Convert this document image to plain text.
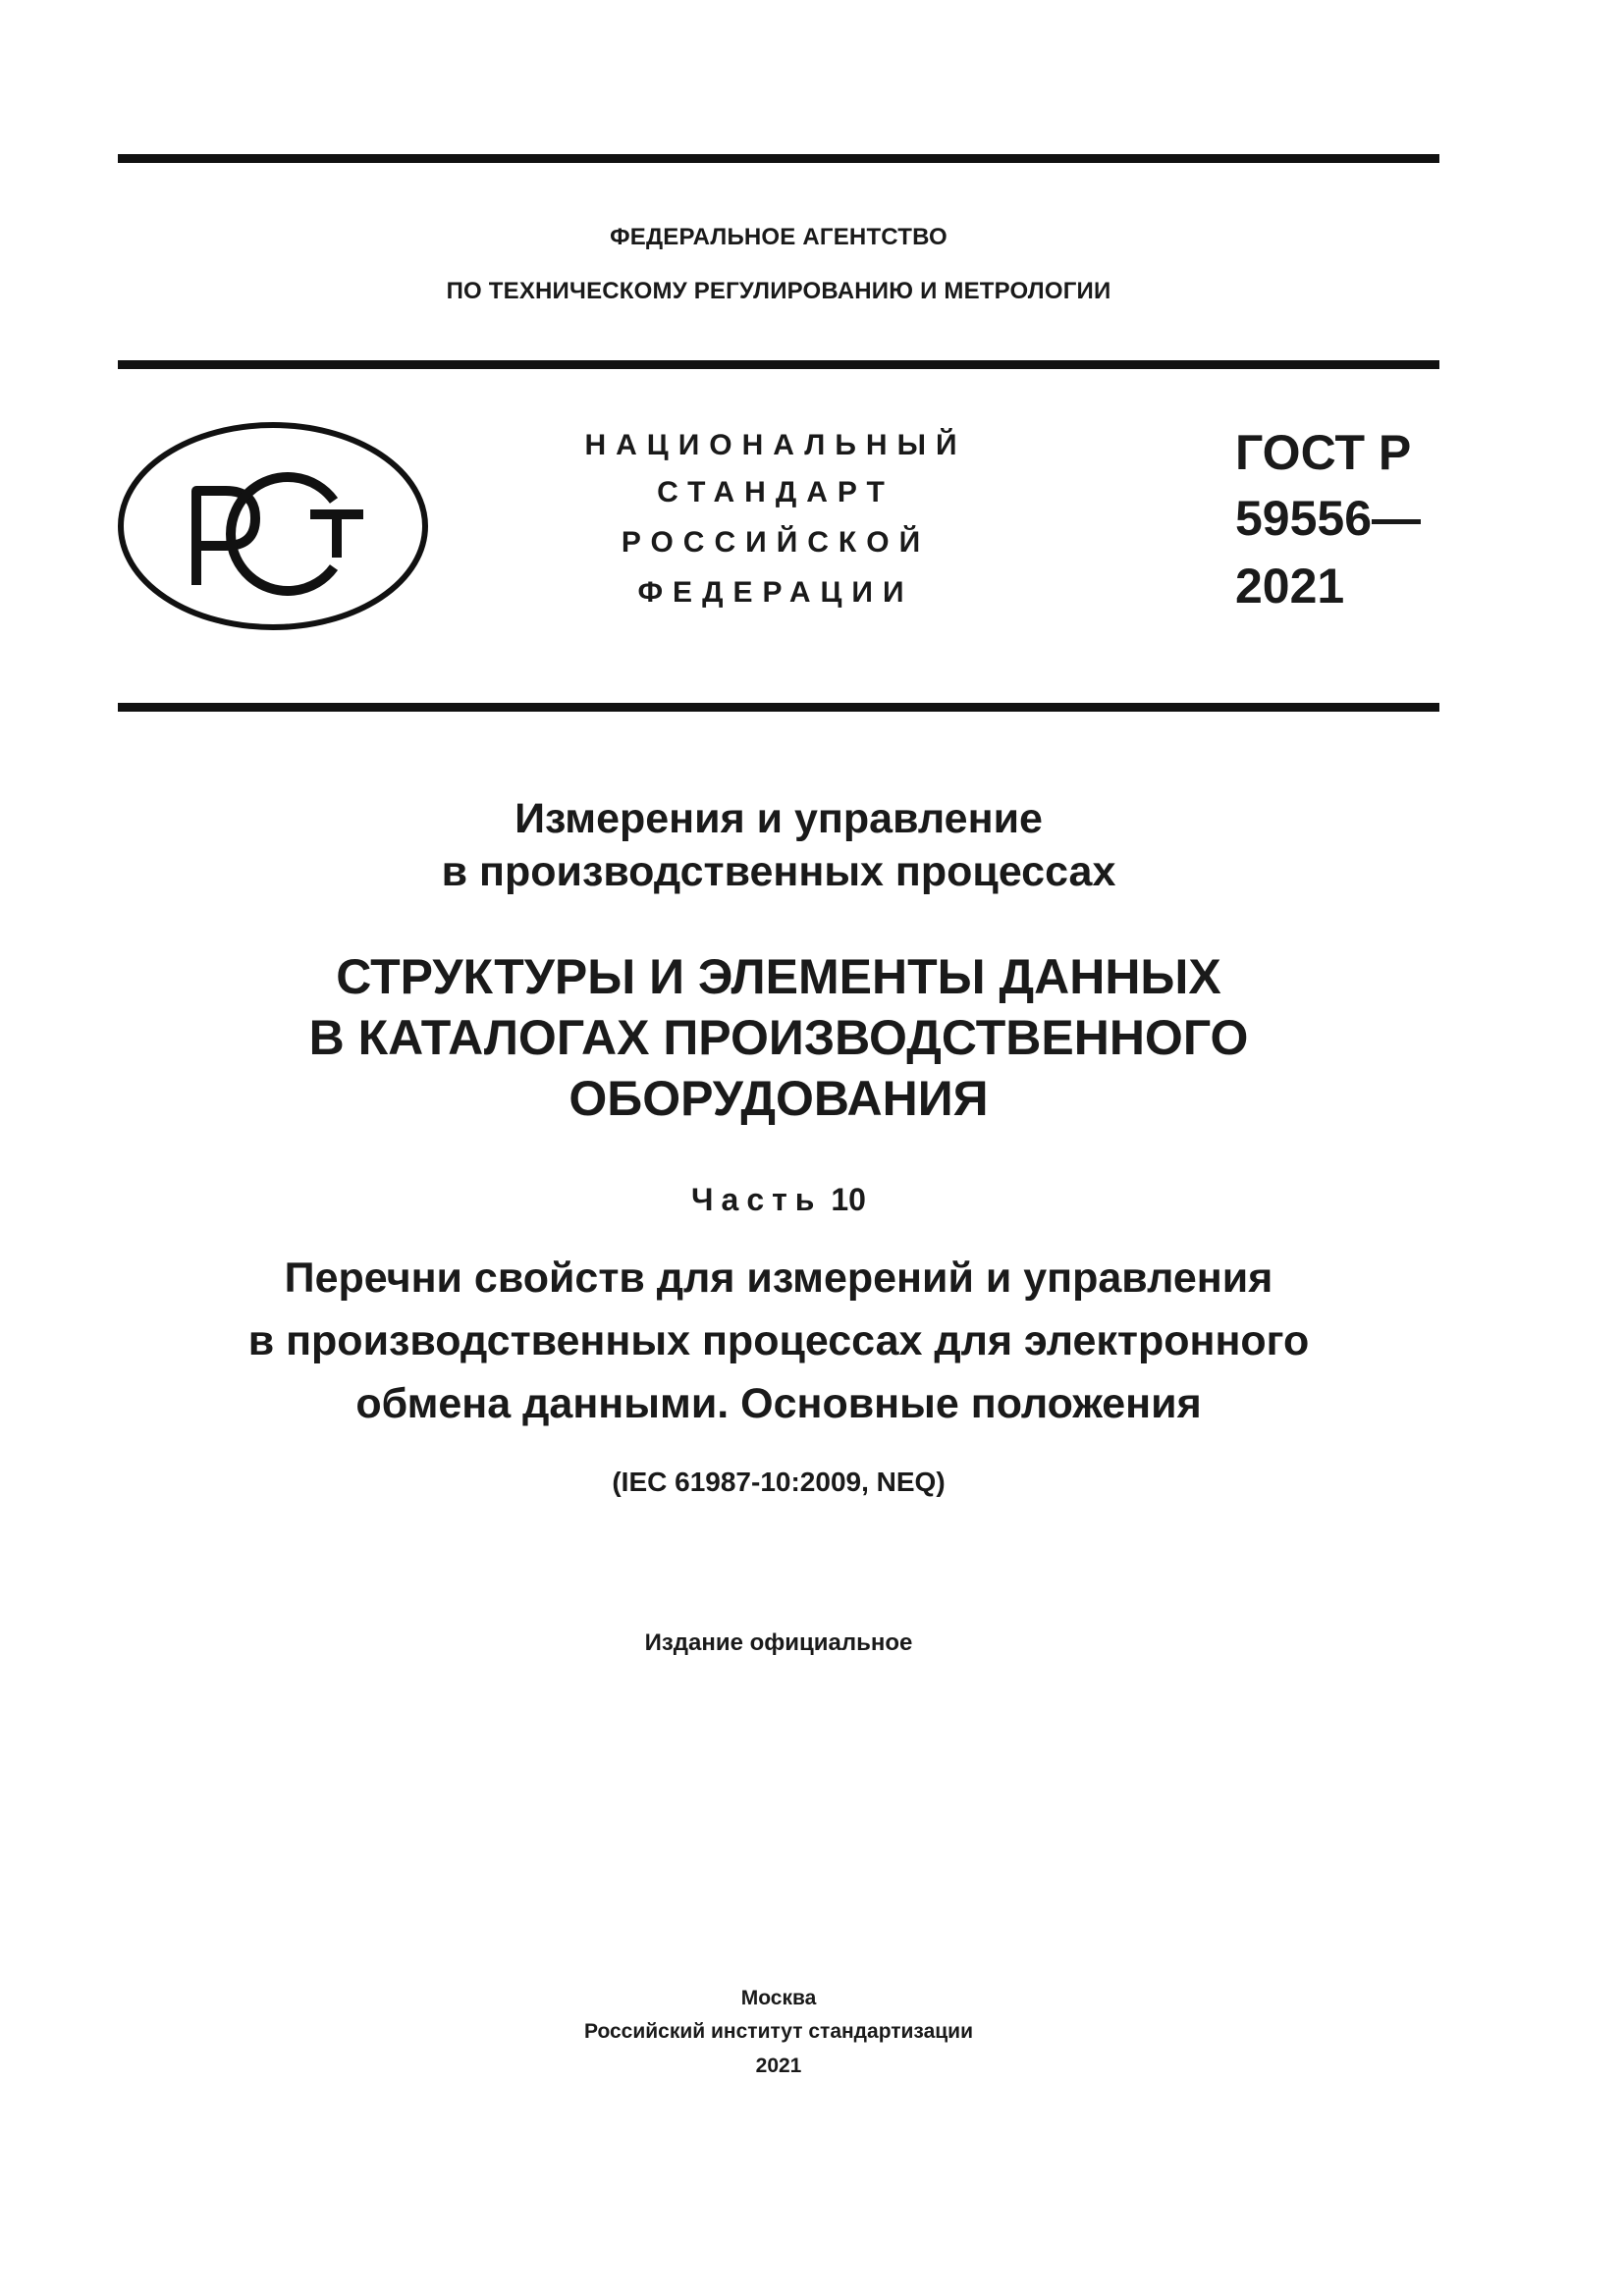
ФЕДЕРАЛЬНОЕ АГЕНТСТВО
ПО ТЕХНИЧЕСКОМУ РЕГУЛИРОВАНИЮ И МЕТРОЛОГИИ
НАЦИОНАЛЬНЫЙ
СТАНДАРТ
РОССИЙСКОЙ
ФЕДЕРАЦИИ
ГОСТ Р
59556—
2021
Измерения и управление
в производственных процессах
СТРУКТУРЫ И ЭЛЕМЕНТЫ ДАННЫХ
В КАТАЛОГАХ ПРОИЗВОДСТВЕННОГО
ОБОРУДОВАНИЯ
Часть 10
Перечни свойств для измерений и управления
в производственных процессах для электронного
обмена данными. Основные положения
(IEC 61987-10:2009, NEQ)
Издание официальное
Москва
Российский институт стандартизации
2021
